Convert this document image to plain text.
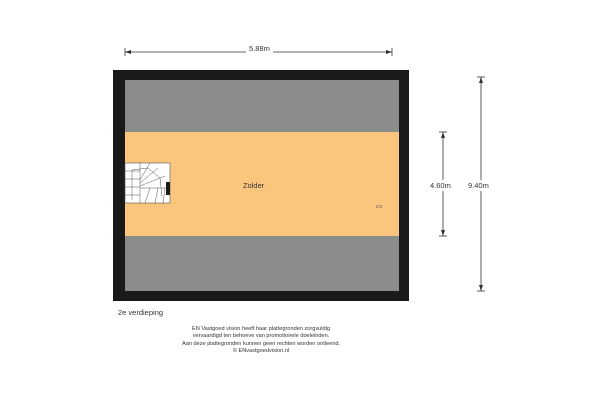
5.88m
4.60m 9.40m
Zolder
CV
2e verdieping
EN Vastgoed vision heeft haar plattegronden zorgvuldig
vervaardigd ten behoeve van promotionele doeleinden.
Aan deze plattegronden kunnen geen rechten worden ontleend.
© ENvastgoedvision.nl
